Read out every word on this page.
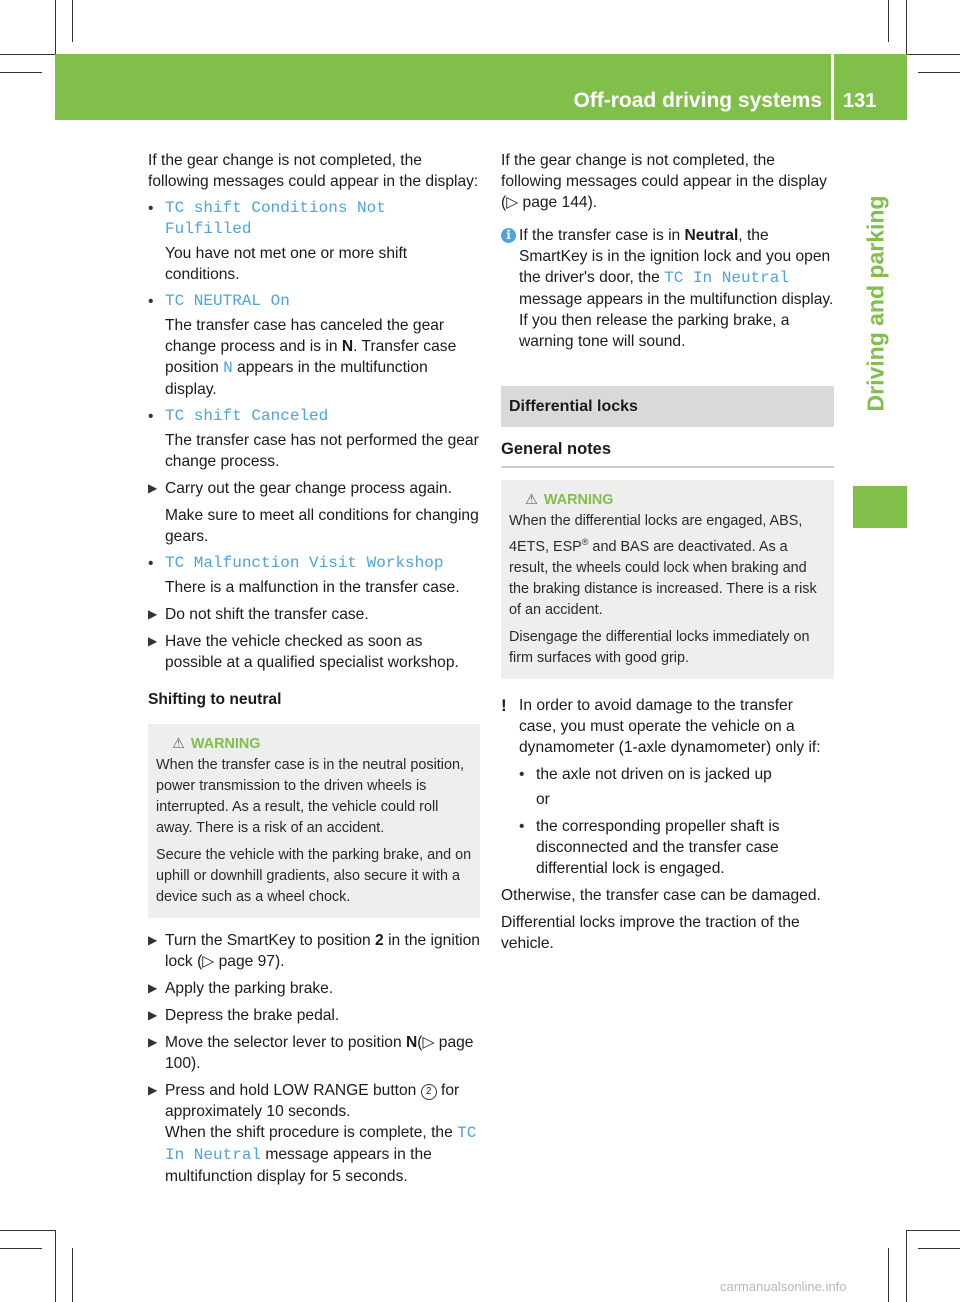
Off-road driving systems 131
Driving and parking

If the gear change is not completed, the following messages could appear in the display:

• TC shift Conditions Not Fulfilled
You have not met one or more shift conditions.
• TC NEUTRAL On
The transfer case has canceled the gear change process and is in N. Transfer case position N appears in the multifunction display.
• TC shift Canceled
The transfer case has not performed the gear change process.
▶ Carry out the gear change process again.
Make sure to meet all conditions for changing gears.
• TC Malfunction Visit Workshop
There is a malfunction in the transfer case.
▶ Do not shift the transfer case.
▶ Have the vehicle checked as soon as possible at a qualified specialist workshop.

Shifting to neutral

⚠ WARNING

When the transfer case is in the neutral position, power transmission to the driven wheels is interrupted. As a result, the vehicle could roll away. There is a risk of an accident.

Secure the vehicle with the parking brake, and on uphill or downhill gradients, also secure it with a device such as a wheel chock.

▶ Turn the SmartKey to position 2 in the ignition lock (▷ page 97).
▶ Apply the parking brake.
▶ Depress the brake pedal.
▶ Move the selector lever to position N(▷ page 100).
▶ Press and hold LOW RANGE button 2 for approximately 10 seconds.
When the shift procedure is complete, the TC In Neutral message appears in the multifunction display for 5 seconds.

If the gear change is not completed, the following messages could appear in the display (▷ page 144).

i If the transfer case is in Neutral, the SmartKey is in the ignition lock and you open the driver's door, the TC In Neutral message appears in the multifunction display. If you then release the parking brake, a warning tone will sound.
Differential locks
General notes
⚠ WARNING

When the differential locks are engaged, ABS, 4ETS, ESP® and BAS are deactivated. As a result, the wheels could lock when braking and the braking distance is increased. There is a risk of an accident.

Disengage the differential locks immediately on firm surfaces with good grip.

! In order to avoid damage to the transfer case, you must operate the vehicle on a dynamometer (1-axle dynamometer) only if:
• the axle not driven on is jacked up
or
• the corresponding propeller shaft is disconnected and the transfer case differential lock is engaged.

Otherwise, the transfer case can be damaged.

Differential locks improve the traction of the vehicle.

carmanualsonline.info
